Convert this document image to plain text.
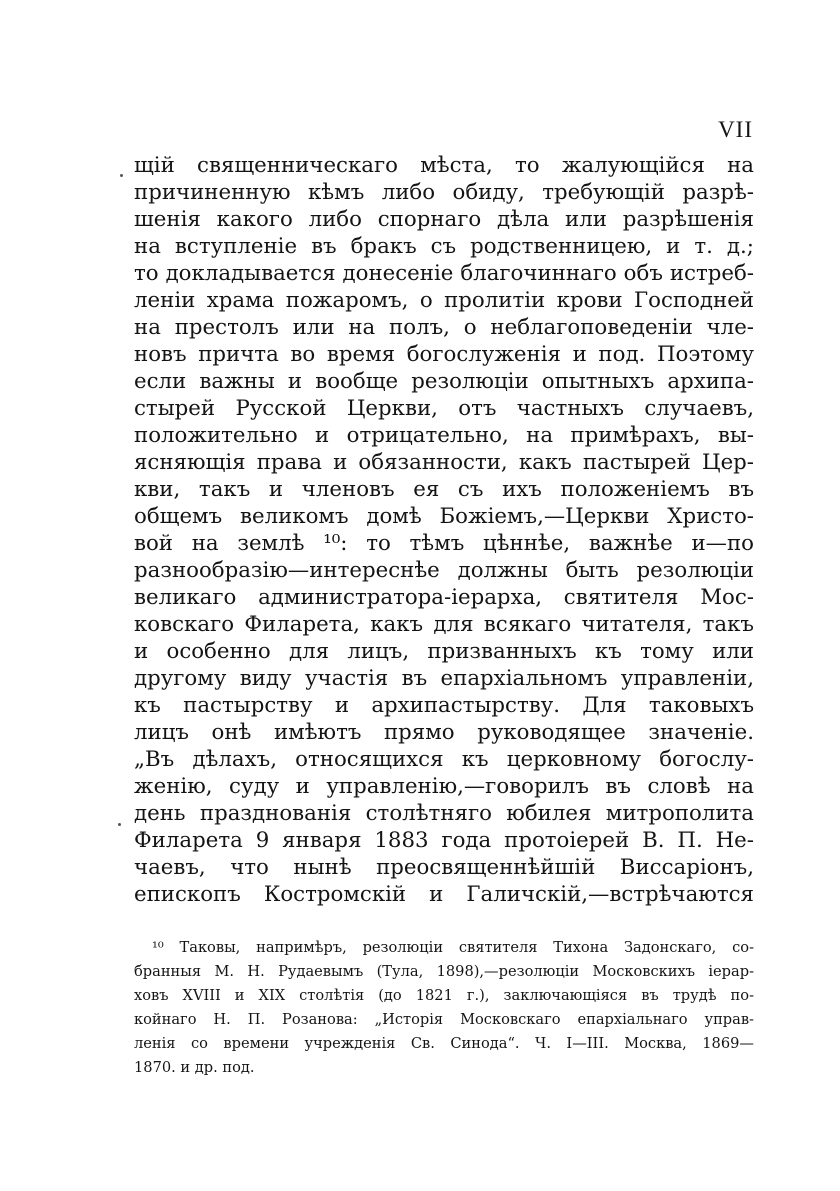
VII
щій священническаго мѣста, то жалующійся на
причиненную кѣмъ либо обиду, требующій разрѣ-
шенія какого либо спорнаго дѣла или разрѣшенія
на вступленіе въ бракъ съ родственницею, и т. д.;
то докладывается донесеніе благочиннаго объ истреб-
леніи храма пожаромъ, о пролитіи крови Господней
на престолъ или на полъ, о неблагоповеденіи чле-
новъ причта во время богослуженія и под. Поэтому
если важны и вообще резолюціи опытныхъ архипа-
стырей Русской Церкви, отъ частныхъ случаевъ,
положительно и отрицательно, на примѣрахъ, вы-
ясняющія права и обязанности, какъ пастырей Цер-
кви, такъ и членовъ ея съ ихъ положеніемъ въ
общемъ великомъ домѣ Божіемъ,—Церкви Христо-
вой на землѣ ¹⁰: то тѣмъ цѣннѣе, важнѣе и—по
разнообразію—интереснѣе должны быть резолюціи
великаго администратора-іерарха, святителя Мос-
ковскаго Филарета, какъ для всякаго читателя, такъ
и особенно для лицъ, призванныхъ къ тому или
другому виду участія въ епархіальномъ управленіи,
къ пастырству и архипастырству. Для таковыхъ
лицъ онѣ имѣютъ прямо руководящее значеніе.
„Въ дѣлахъ, относящихся къ церковному богослу-
женію, суду и управленію,—говорилъ въ словѣ на
день празднованія столѣтняго юбилея митрополита
Филарета 9 января 1883 года протоіерей В. П. Не-
чаевъ, что нынѣ преосвященнѣйшій Виссаріонъ,
епископъ Костромскій и Галичскій,—встрѣчаются
¹⁰ Таковы, напримѣръ, резолюціи святителя Тихона Задонскаго, со-
бранныя М. Н. Рудаевымъ (Тула, 1898),—резолюціи Московскихъ іерар-
ховъ XVIII и XIX столѣтія (до 1821 г.), заключающіяся въ трудѣ по-
койнаго Н. П. Розанова: „Исторія Московскаго епархіальнаго управ-
ленія со времени учрежденія Св. Синода“. Ч. I—III. Москва, 1869—
1870. и др. под.
